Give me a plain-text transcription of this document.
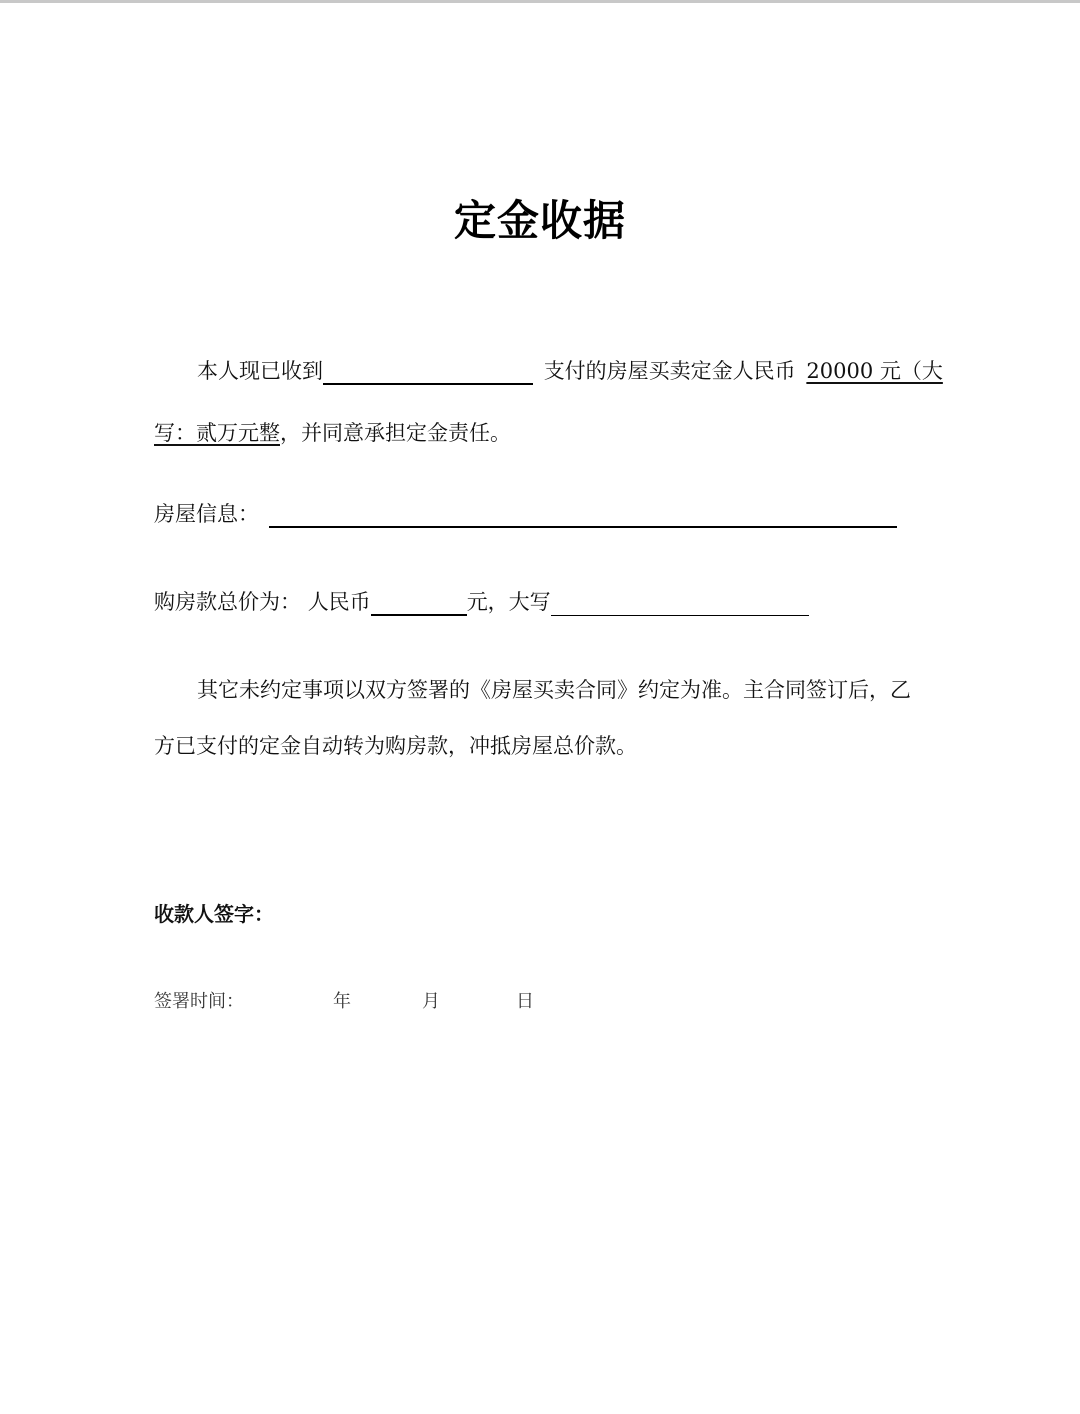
定金收据
本人现已收到	支付的房屋买卖定金人民币 20000 元（大
写：贰万元整，并同意承担定金责任。
房屋信息：
购房款总价为： 人民币	元，大写
其它未约定事项以双方签署的《房屋买卖合同》约定为准。主合同签订后，乙
方已支付的定金自动转为购房款，冲抵房屋总价款。
收款人签字：
签署时间：	年	月	日
